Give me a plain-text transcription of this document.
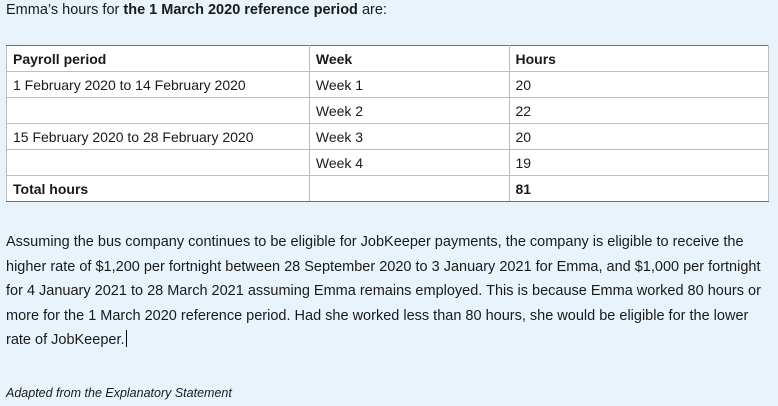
Emma’s hours for the 1 March 2020 reference period are:
Payroll period	Week	Hours
1 February 2020 to 14 February 2020	Week 1	20
	Week 2	22
15 February 2020 to 28 February 2020	Week 3	20
	Week 4	19
Total hours		81
Assuming the bus company continues to be eligible for JobKeeper payments, the company is eligible to receive the higher rate of $1,200 per fortnight between 28 September 2020 to 3 January 2021 for Emma, and $1,000 per fortnight for 4 January 2021 to 28 March 2021 assuming Emma remains employed. This is because Emma worked 80 hours or more for the 1 March 2020 reference period. Had she worked less than 80 hours, she would be eligible for the lower rate of JobKeeper.
Adapted from the Explanatory Statement
